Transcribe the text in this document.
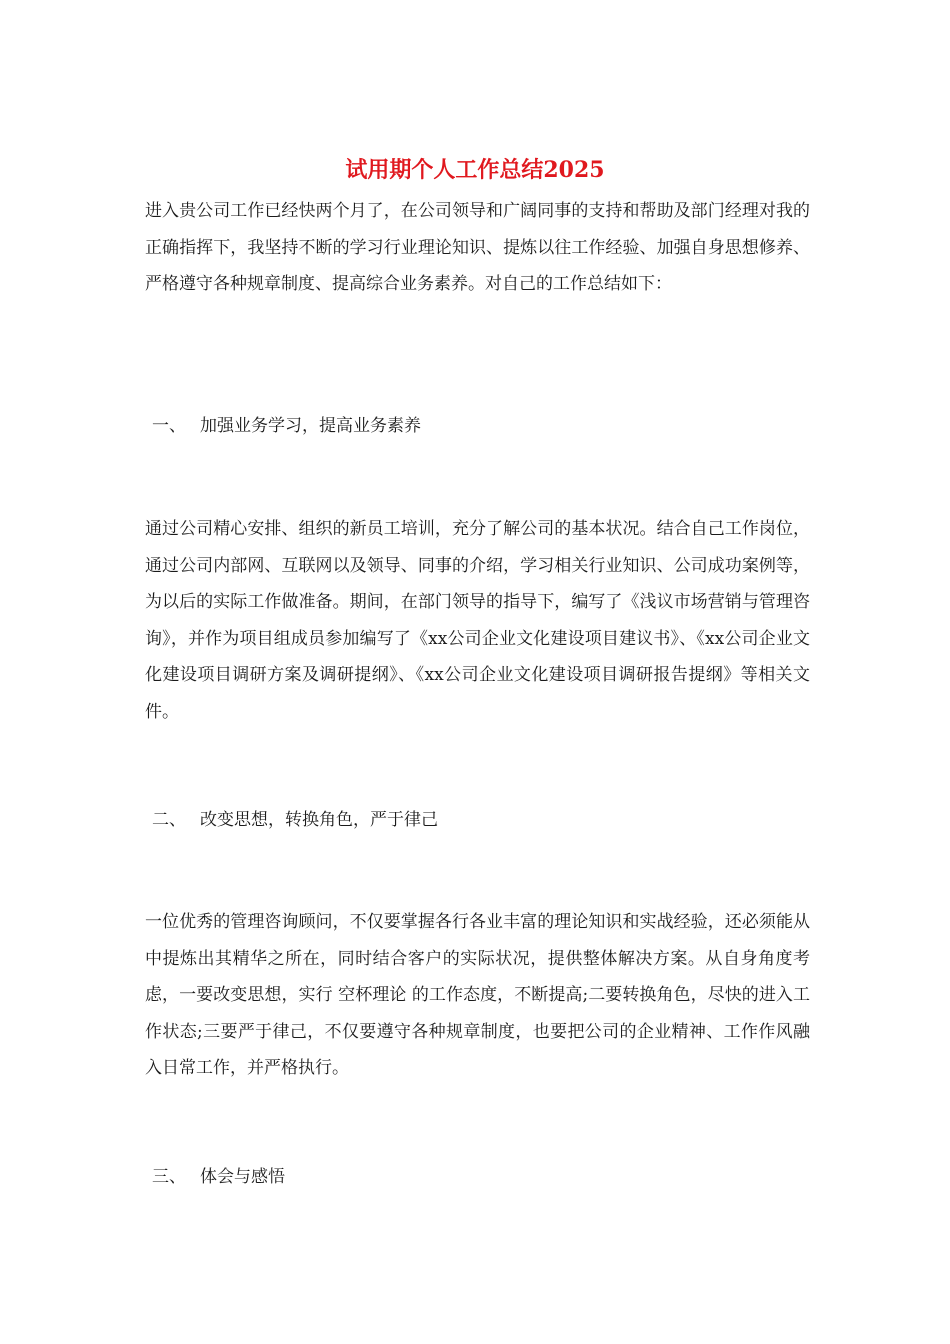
试用期个人工作总结2025

进入贵公司工作已经快两个月了，在公司领导和广阔同事的支持和帮助及部门经理对我的正确指挥下，我坚持不断的学习行业理论知识、提炼以往工作经验、加强自身思想修养、严格遵守各种规章制度、提高综合业务素养。对自己的工作总结如下：

一、 加强业务学习，提高业务素养

通过公司精心安排、组织的新员工培训，充分了解公司的基本状况。结合自己工作岗位，通过公司内部网、互联网以及领导、同事的介绍，学习相关行业知识、公司成功案例等，为以后的实际工作做准备。期间，在部门领导的指导下，编写了《浅议市场营销与管理咨询》，并作为项目组成员参加编写了《xx公司企业文化建设项目建议书》、《xx公司企业文化建设项目调研方案及调研提纲》、《xx公司企业文化建设项目调研报告提纲》等相关文件。

二、 改变思想，转换角色，严于律己

一位优秀的管理咨询顾问，不仅要掌握各行各业丰富的理论知识和实战经验，还必须能从中提炼出其精华之所在，同时结合客户的实际状况，提供整体解决方案。从自身角度考虑，一要改变思想，实行 空杯理论 的工作态度，不断提高;二要转换角色，尽快的进入工作状态;三要严于律己，不仅要遵守各种规章制度，也要把公司的企业精神、工作作风融入日常工作，并严格执行。

三、 体会与感悟
